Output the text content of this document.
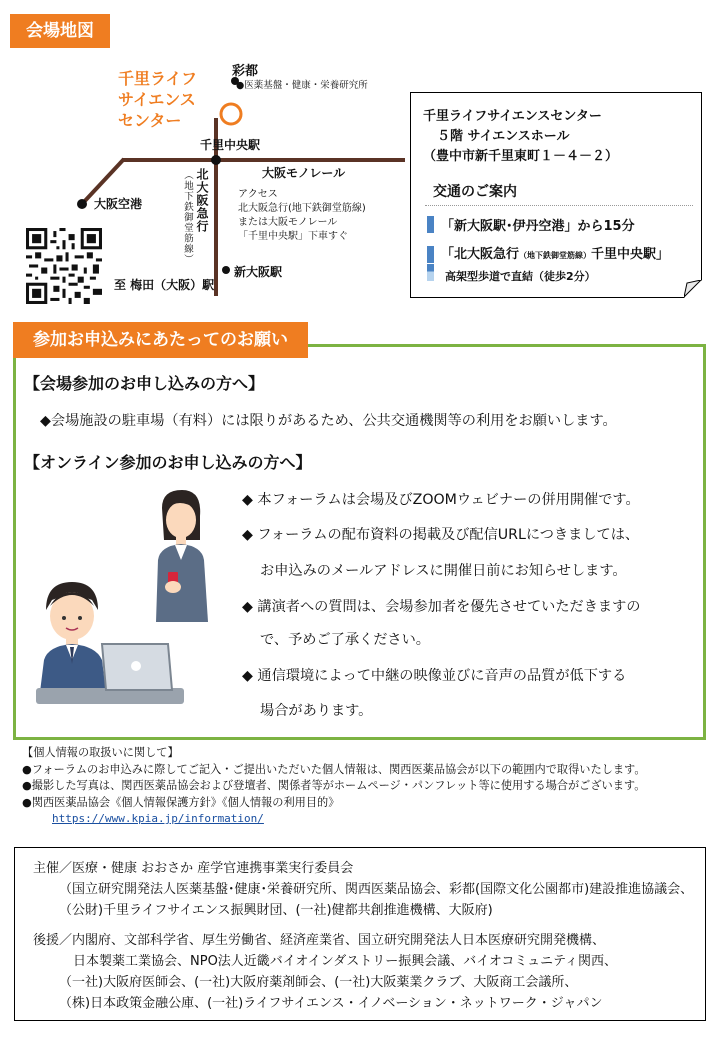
会場地図
彩都
●医薬基盤・健康・栄養研究所
千里ライフ
サイエンス
センター
千里中央駅
大阪モノレール
大阪空港	北大阪急行
（地下鉄御堂筋線）	アクセス
北大阪急行(地下鉄御堂筋線)
または大阪モノレール
「千里中央駅」下車すぐ
新大阪駅
至 梅田（大阪）駅
千里ライフサイエンスセンター
５階 サイエンスホール
（豊中市新千里東町１－４－２）
交通のご案内
「新大阪駅･伊丹空港」から15分
「北大阪急行（地下鉄御堂筋線）千里中央駅」
高架型歩道で直結（徒歩2分）
参加お申込みにあたってのお願い
【会場参加のお申し込みの方へ】
◆会場施設の駐車場（有料）には限りがあるため、公共交通機関等の利用をお願いします。
【オンライン参加のお申し込みの方へ】
◆ 本フォーラムは会場及びZOOMウェビナーの併用開催です。
◆ フォーラムの配布資料の掲載及び配信URLにつきましては、
お申込みのメールアドレスに開催日前にお知らせします。
◆ 講演者への質問は、会場参加者を優先させていただきますの
で、予めご了承ください。
◆ 通信環境によって中継の映像並びに音声の品質が低下する
場合があります。
【個人情報の取扱いに関して】
●フォーラムのお申込みに際してご記入・ご提出いただいた個人情報は、関西医薬品協会が以下の範囲内で取得いたします。
●撮影した写真は、関西医薬品協会および登壇者、関係者等がホームページ・パンフレット等に使用する場合がございます。
●関西医薬品協会《個人情報保護方針》《個人情報の利用目的》
https://www.kpia.jp/information/
主催／医療・健康 おおさか 産学官連携事業実行委員会
（国立研究開発法人医薬基盤･健康･栄養研究所、関西医薬品協会、彩都(国際文化公園都市)建設推進協議会、
（公財)千里ライフサイエンス振興財団、(一社)健都共創推進機構、大阪府)
後援／内閣府、文部科学省、厚生労働省、経済産業省、国立研究開発法人日本医療研究開発機構、
日本製薬工業協会、NPO法人近畿バイオインダストリー振興会議、バイオコミュニティ関西、
（一社)大阪府医師会、(一社)大阪府薬剤師会、(一社)大阪薬業クラブ、大阪商工会議所、
（株)日本政策金融公庫、(一社)ライフサイエンス・イノベーション・ネットワーク・ジャパン
